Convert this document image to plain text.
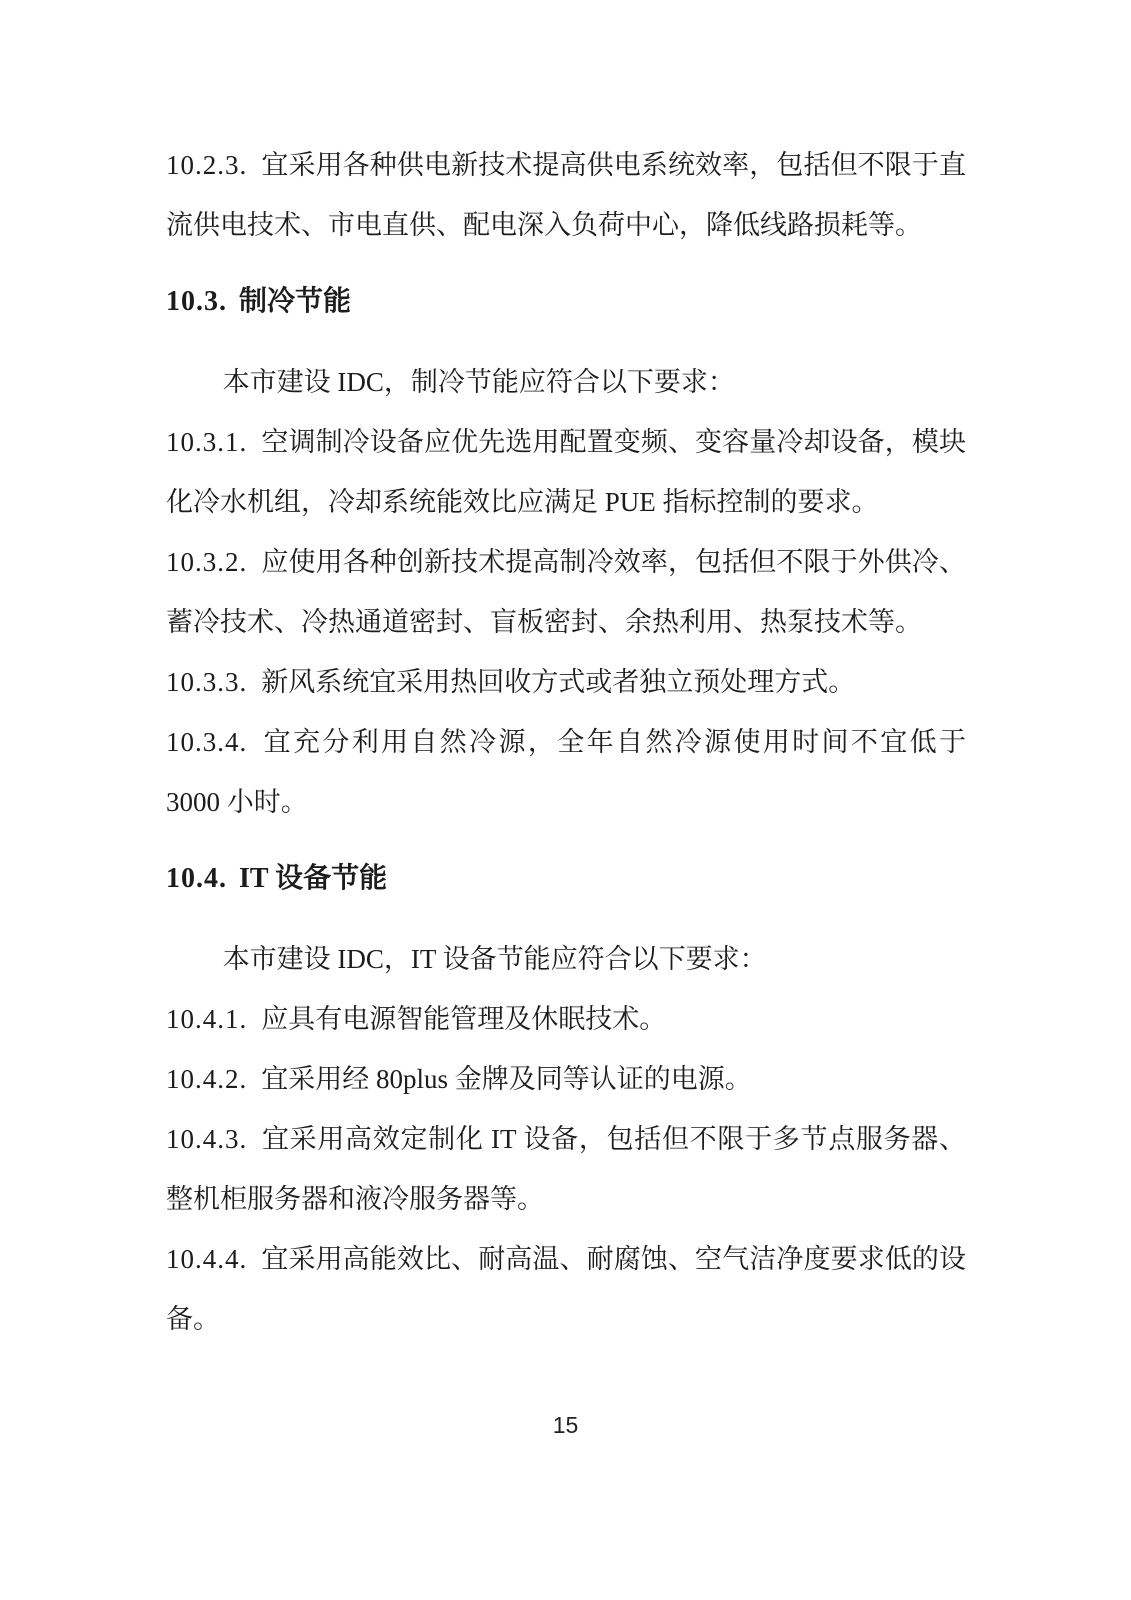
10.2.3. 宜采用各种供电新技术提高供电系统效率，包括但不限于直流供电技术、市电直供、配电深入负荷中心，降低线路损耗等。

10.3. 制冷节能

本市建设 IDC，制冷节能应符合以下要求：

10.3.1. 空调制冷设备应优先选用配置变频、变容量冷却设备，模块化冷水机组，冷却系统能效比应满足 PUE 指标控制的要求。

10.3.2. 应使用各种创新技术提高制冷效率，包括但不限于外供冷、蓄冷技术、冷热通道密封、盲板密封、余热利用、热泵技术等。

10.3.3. 新风系统宜采用热回收方式或者独立预处理方式。

10.3.4. 宜充分利用自然冷源，全年自然冷源使用时间不宜低于 3000 小时。

10.4. IT 设备节能

本市建设 IDC，IT 设备节能应符合以下要求：

10.4.1. 应具有电源智能管理及休眠技术。

10.4.2. 宜采用经 80plus 金牌及同等认证的电源。

10.4.3. 宜采用高效定制化 IT 设备，包括但不限于多节点服务器、整机柜服务器和液冷服务器等。

10.4.4. 宜采用高能效比、耐高温、耐腐蚀、空气洁净度要求低的设备。

15
